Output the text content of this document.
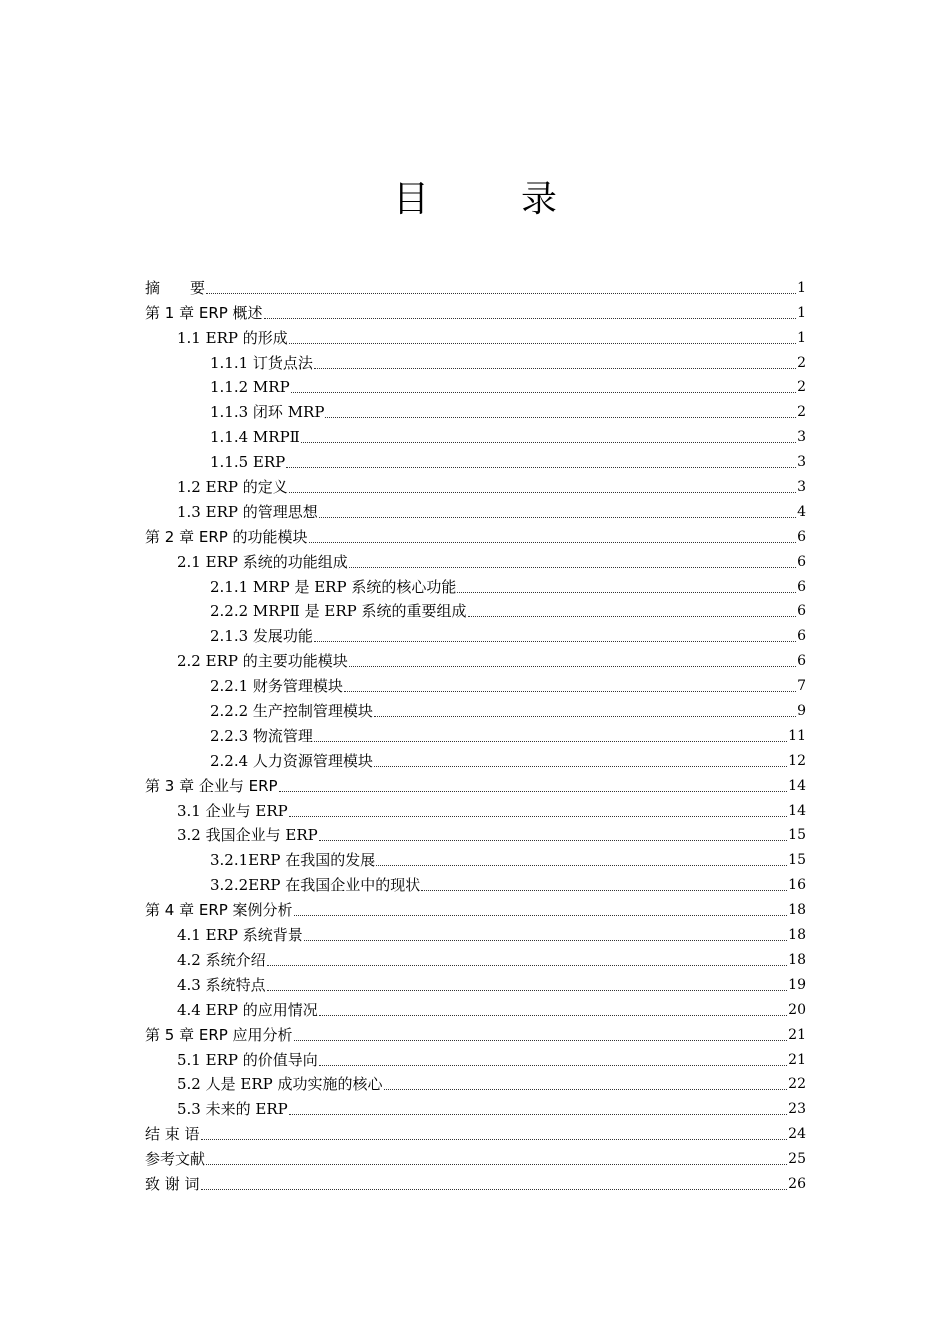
目　录
摘　　要	1
第 1 章 ERP 概述	1
1.1 ERP 的形成	1
1.1.1 订货点法	2
1.1.2 MRP	2
1.1.3 闭环 MRP	2
1.1.4 MRPⅡ	3
1.1.5 ERP	3
1.2 ERP 的定义	3
1.3 ERP 的管理思想	4
第 2 章 ERP 的功能模块	6
2.1 ERP 系统的功能组成	6
2.1.1 MRP 是 ERP 系统的核心功能	6
2.2.2 MRPⅡ 是 ERP 系统的重要组成	6
2.1.3 发展功能	6
2.2 ERP 的主要功能模块	6
2.2.1 财务管理模块	7
2.2.2 生产控制管理模块	9
2.2.3 物流管理	11
2.2.4 人力资源管理模块	12
第 3 章 企业与 ERP	14
3.1 企业与 ERP	14
3.2 我国企业与 ERP	15
3.2.1ERP 在我国的发展	15
3.2.2ERP 在我国企业中的现状	16
第 4 章 ERP 案例分析	18
4.1 ERP 系统背景	18
4.2 系统介绍	18
4.3 系统特点	19
4.4 ERP 的应用情况	20
第 5 章 ERP 应用分析	21
5.1 ERP 的价值导向	21
5.2 人是 ERP 成功实施的核心	22
5.3 未来的 ERP	23
结 束 语	24
参考文献	25
致 谢 词	26
